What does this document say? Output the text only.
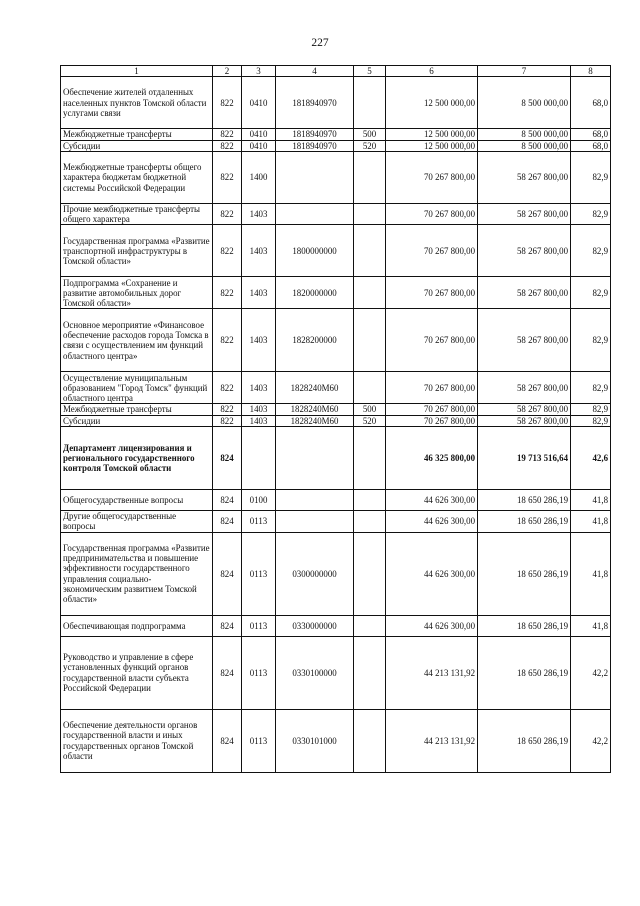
227
1	2	3	4	5	6	7	8
Обеспечение жителей отдаленных населенных пунктов Томской области услугами связи	822	0410	1818940970		12 500 000,00	8 500 000,00	68,0
Межбюджетные трансферты	822	0410	1818940970	500	12 500 000,00	8 500 000,00	68,0
Субсидии	822	0410	1818940970	520	12 500 000,00	8 500 000,00	68,0
Межбюджетные трансферты общего характера бюджетам бюджетной системы Российской Федерации	822	1400			70 267 800,00	58 267 800,00	82,9
Прочие межбюджетные трансферты общего характера	822	1403			70 267 800,00	58 267 800,00	82,9
Государственная программа «Развитие транспортной инфраструктуры в Томской области»	822	1403	1800000000		70 267 800,00	58 267 800,00	82,9
Подпрограмма «Сохранение и развитие автомобильных дорог Томской области»	822	1403	1820000000		70 267 800,00	58 267 800,00	82,9
Основное мероприятие «Финансовое обеспечение расходов города Томска в связи с осуществлением им функций областного центра»	822	1403	1828200000		70 267 800,00	58 267 800,00	82,9
Осуществление муниципальным образованием "Город Томск" функций областного центра	822	1403	1828240М60		70 267 800,00	58 267 800,00	82,9
Межбюджетные трансферты	822	1403	1828240М60	500	70 267 800,00	58 267 800,00	82,9
Субсидии	822	1403	1828240М60	520	70 267 800,00	58 267 800,00	82,9
Департамент лицензирования и регионального государственного контроля Томской области	824				46 325 800,00	19 713 516,64	42,6
Общегосударственные вопросы	824	0100			44 626 300,00	18 650 286,19	41,8
Другие общегосударственные вопросы	824	0113			44 626 300,00	18 650 286,19	41,8
Государственная программа «Развитие предпринимательства и повышение эффективности государственного управления социально-экономическим развитием Томской области»	824	0113	0300000000		44 626 300,00	18 650 286,19	41,8
Обеспечивающая подпрограмма	824	0113	0330000000		44 626 300,00	18 650 286,19	41,8
Руководство и управление в сфере установленных функций органов государственной власти субъекта Российской Федерации	824	0113	0330100000		44 213 131,92	18 650 286,19	42,2
Обеспечение деятельности органов государственной власти и иных государственных органов Томской области	824	0113	0330101000		44 213 131,92	18 650 286,19	42,2
